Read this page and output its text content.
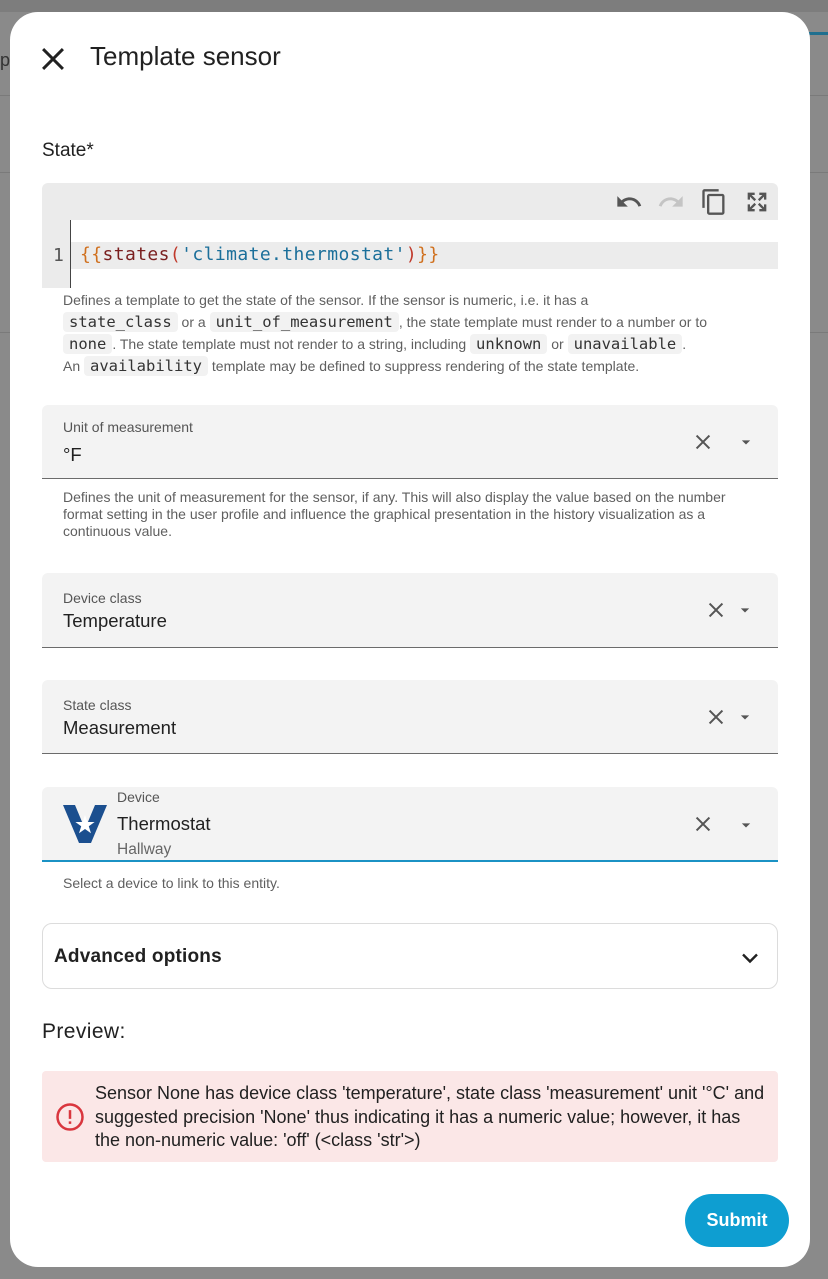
p	Template sensor
State*
1 {{states('climate.thermostat')}}
Defines a template to get the state of the sensor. If the sensor is numeric, i.e. it has a
state_class or a unit_of_measurement , the state template must render to a number or to
none . The state template must not render to a string, including unknown or unavailable .
An availability template may be defined to suppress rendering of the state template.
Unit of measurement
°F
Defines the unit of measurement for the sensor, if any. This will also display the value based on the number format setting in the user profile and influence the graphical presentation in the history visualization as a continuous value.
Device class
Temperature
State class
Measurement
Device
Thermostat
Hallway
Select a device to link to this entity.
Advanced options
Preview:
Sensor None has device class 'temperature', state class 'measurement' unit '°C' and suggested precision 'None' thus indicating it has a numeric value; however, it has the non-numeric value: 'off' (<class 'str'>)
Submit
